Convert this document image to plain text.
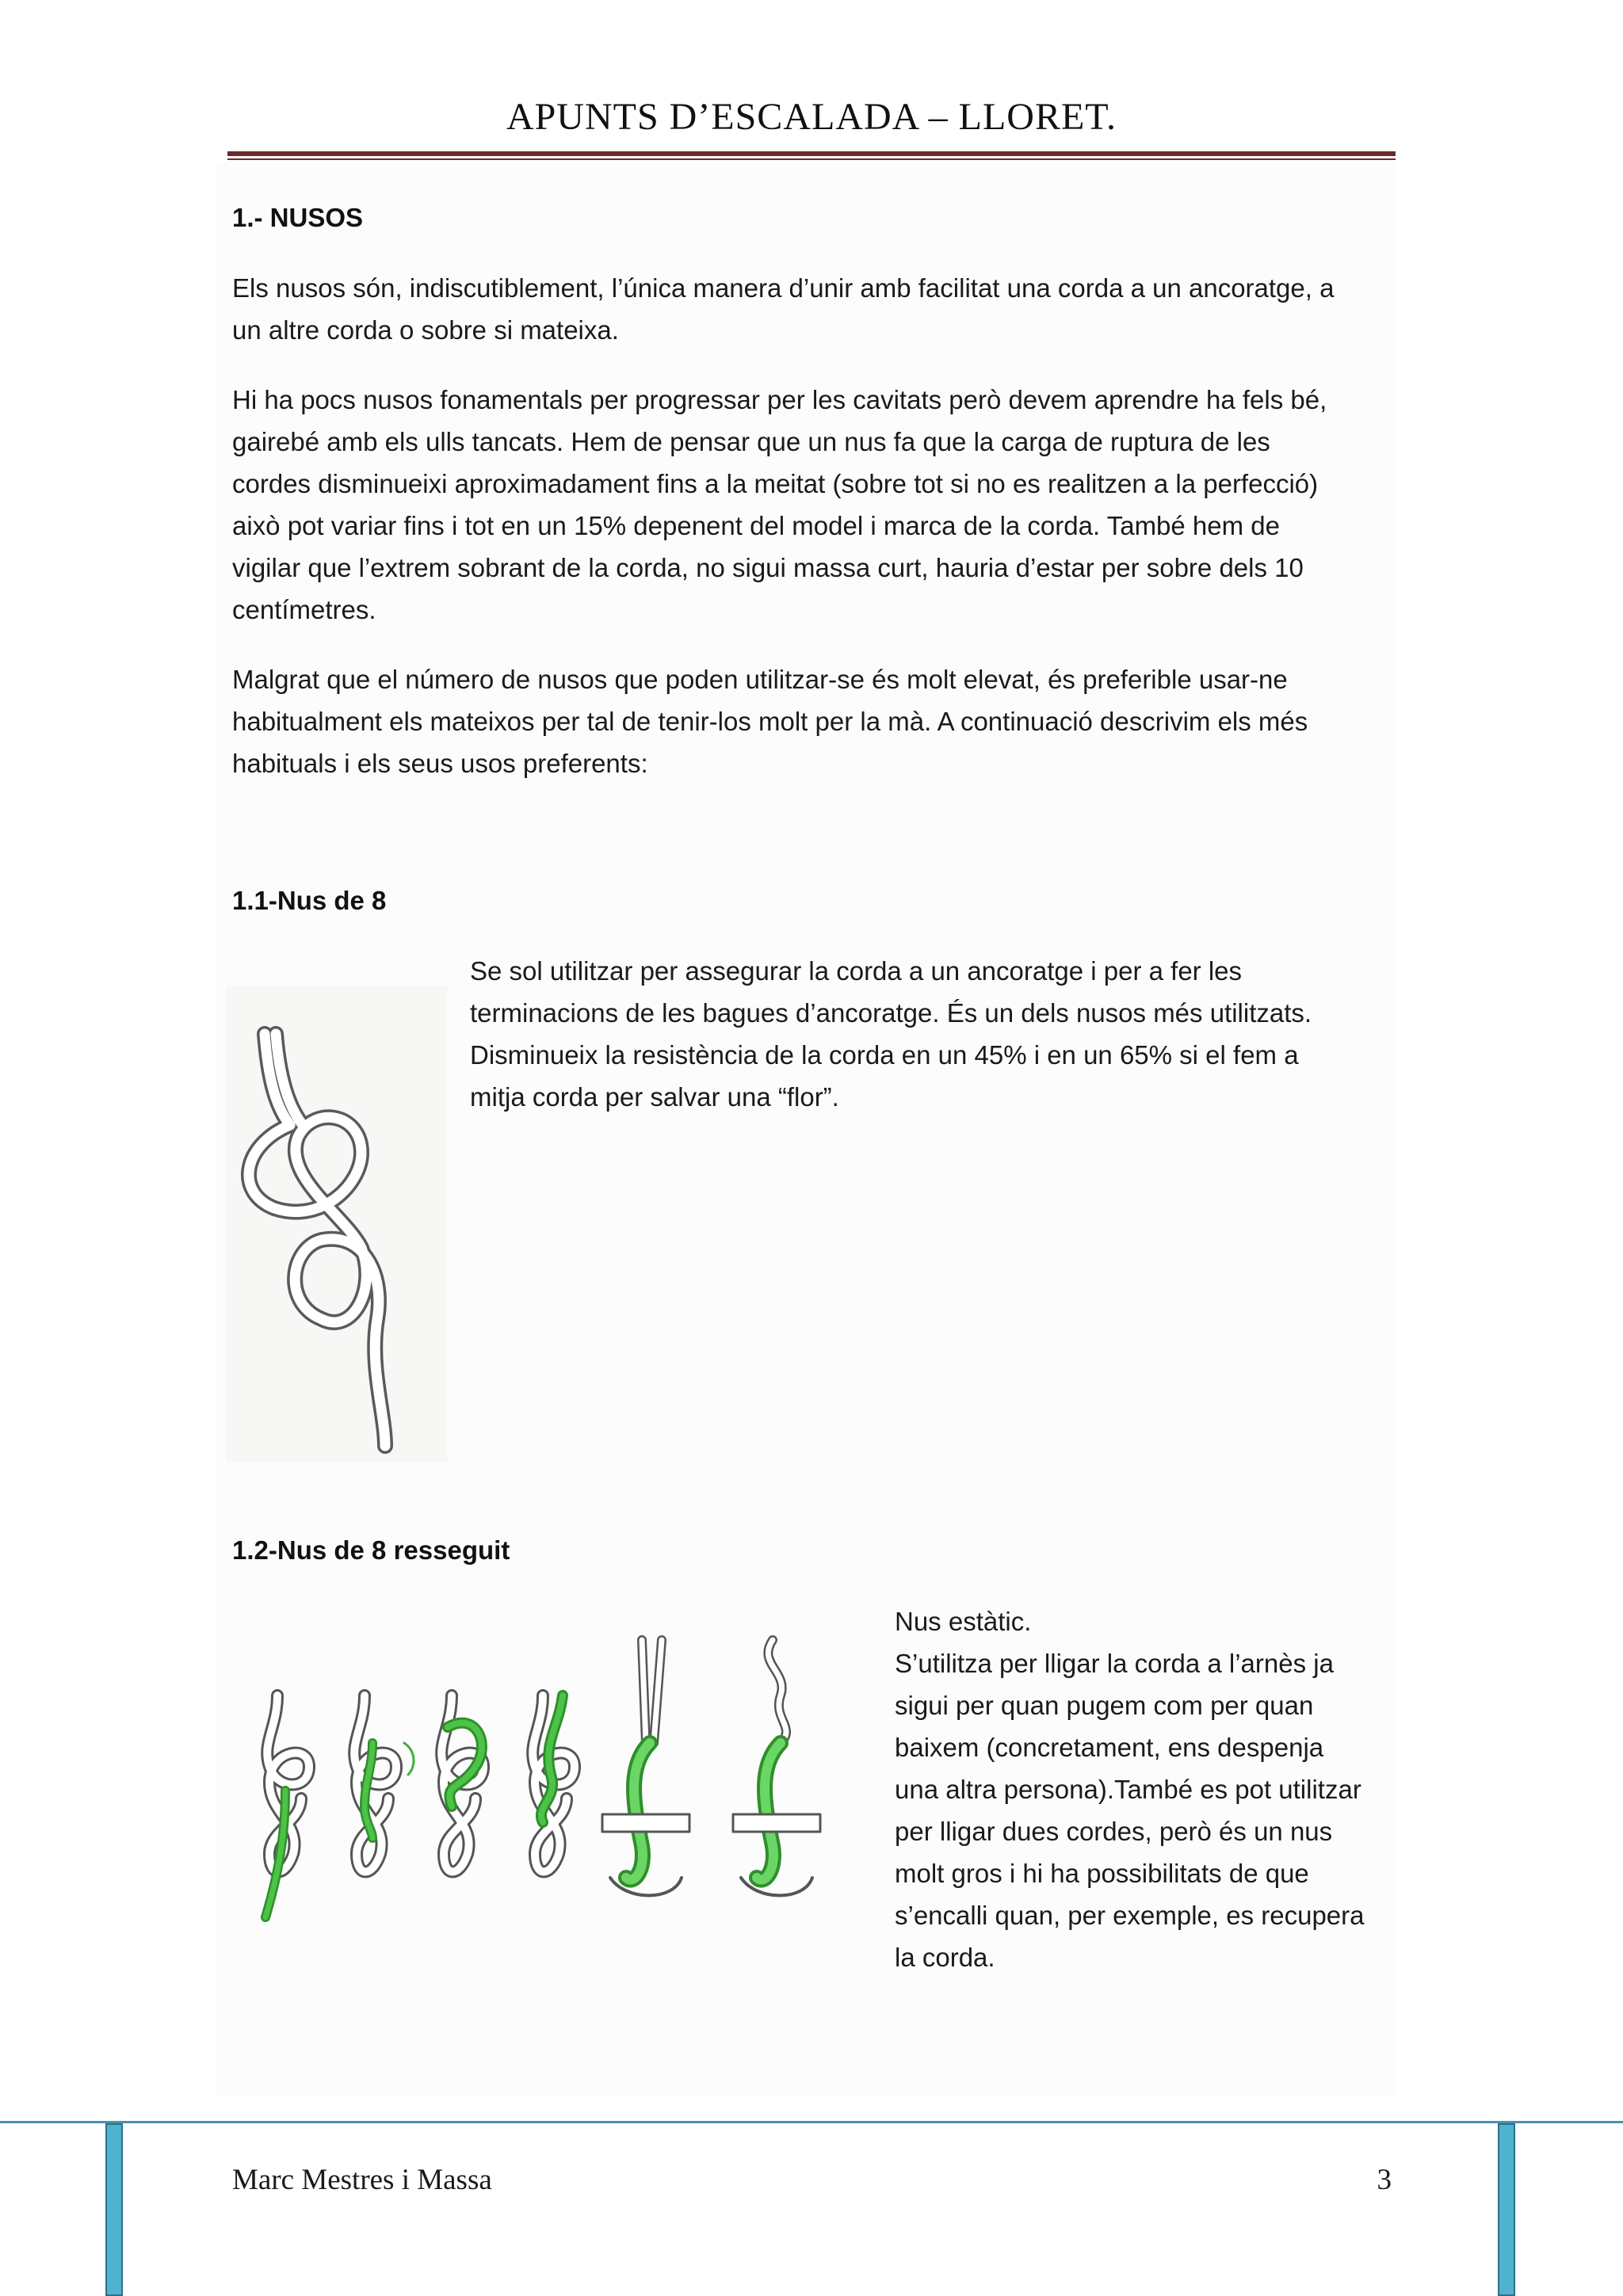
APUNTS D’ESCALADA – LLORET.
1.- NUSOS
Els nusos són, indiscutiblement, l’única manera d’unir amb facilitat una corda a un ancoratge, a
un altre corda o sobre si mateixa.
Hi ha pocs nusos fonamentals per progressar per les cavitats però devem aprendre ha fels bé,
gairebé amb els ulls tancats. Hem de pensar que un nus fa que la carga de ruptura de les
cordes disminueixi aproximadament fins a la meitat (sobre tot si no es realitzen a la perfecció)
això pot variar fins i tot en un 15% depenent del model i marca de la corda. També hem de
vigilar que l’extrem sobrant de la corda, no sigui massa curt, hauria d’estar per sobre dels 10
centímetres.
Malgrat que el número de nusos que poden utilitzar-se és molt elevat, és preferible usar-ne
habitualment els mateixos per tal de tenir-los molt per la mà. A continuació descrivim els més
habituals i els seus usos preferents:
1.1-Nus de 8
Se sol utilitzar per assegurar la corda a un ancoratge i per a fer les
terminacions de les bagues d’ancoratge. És un dels nusos més utilitzats.
Disminueix la resistència de la corda en un 45% i en un 65% si el fem a
mitja corda per salvar una “flor”.
1.2-Nus de 8 resseguit
Nus estàtic.
S’utilitza per lligar la corda a l’arnès ja
sigui per quan pugem com per quan
baixem (concretament, ens despenja
una altra persona).També es pot utilitzar
per lligar dues cordes, però és un nus
molt gros i hi ha possibilitats de que
s’encalli quan, per exemple, es recupera
la corda.
Marc Mestres i Massa	3
